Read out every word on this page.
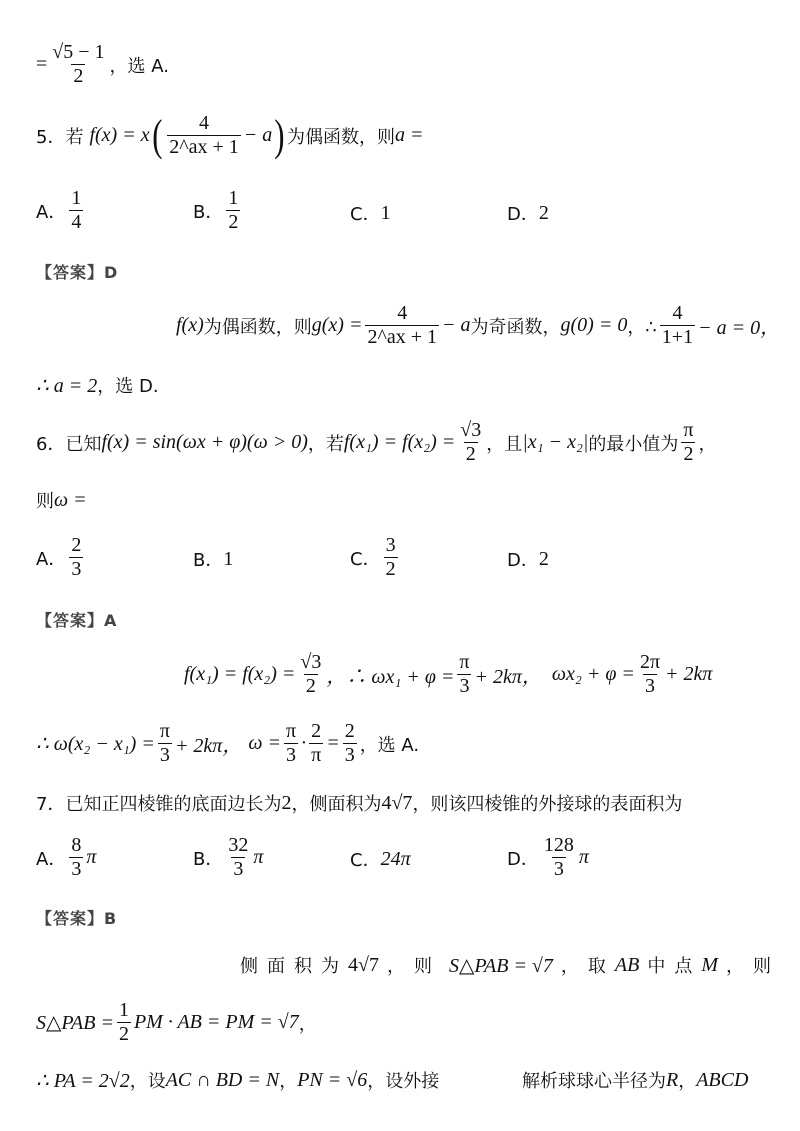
= $\frac{√5 - 1}{2}$ ，选 A.
5．若 f(x) = x ( $\frac{4}{2\^{}ax + 1} - a$ ) 为偶函数，则 a =
A． $\frac{1}{4}$	B． $\frac{1}{2}$	C． 1	D． 2
【答案】D
f(x) 为偶函数，则 $g(x) = \frac{4}{2\^{}ax + 1} - a$ 为奇函数， g(0) = 0 ，∴ $\frac{4}{1+1} - a = 0$，
∴ a = 2 ，选 D.
6．已知 f(x) = sin(ωx + φ)(ω > 0) ，若 $f(x_1) = f(x_2) = \frac{√3}{2}$ ，且 |x₁ − x₂| 的最小值为 $\frac{\pi}{2}$ ，
则 ω =
A． $\frac{2}{3}$	B． 1	C． $\frac{3}{2}$	D． 2
【答案】A
$f(x_1) = f(x_2) = \frac{√3}{2}$ ，∴ $\omega x_1 + \varphi = \frac{\pi}{3} + 2k\pi$， $\omega x_2 + \varphi = \frac{2\pi}{3} + 2k\pi$
∴ $\omega(x_2 - x_1) = \frac{\pi}{3} + 2k\pi$， $\omega = \frac{\pi}{3} \cdot \frac{2}{\pi} = \frac{2}{3}$ ，选 A.
7．已知正四棱锥的底面边长为 2 ，侧面积为 4√7 ，则该四棱锥的外接球的表面积为
A． $\frac{8}{3}$ π	B． $\frac{32}{3}$ π	C． 24π	D． $\frac{128}{3}$ π
【答案】B
侧面积为 4√7 ，则 S△PAB = √7 ，取 AB 中点 M ，则
S△PAB = $\frac{1}{2}$ PM · AB = PM = √7 ，
∴ PA = 2√2 ，设 AC ∩ BD = N ， PN = √6 ，设外接	解析球球心半径为 R ， ABCD
